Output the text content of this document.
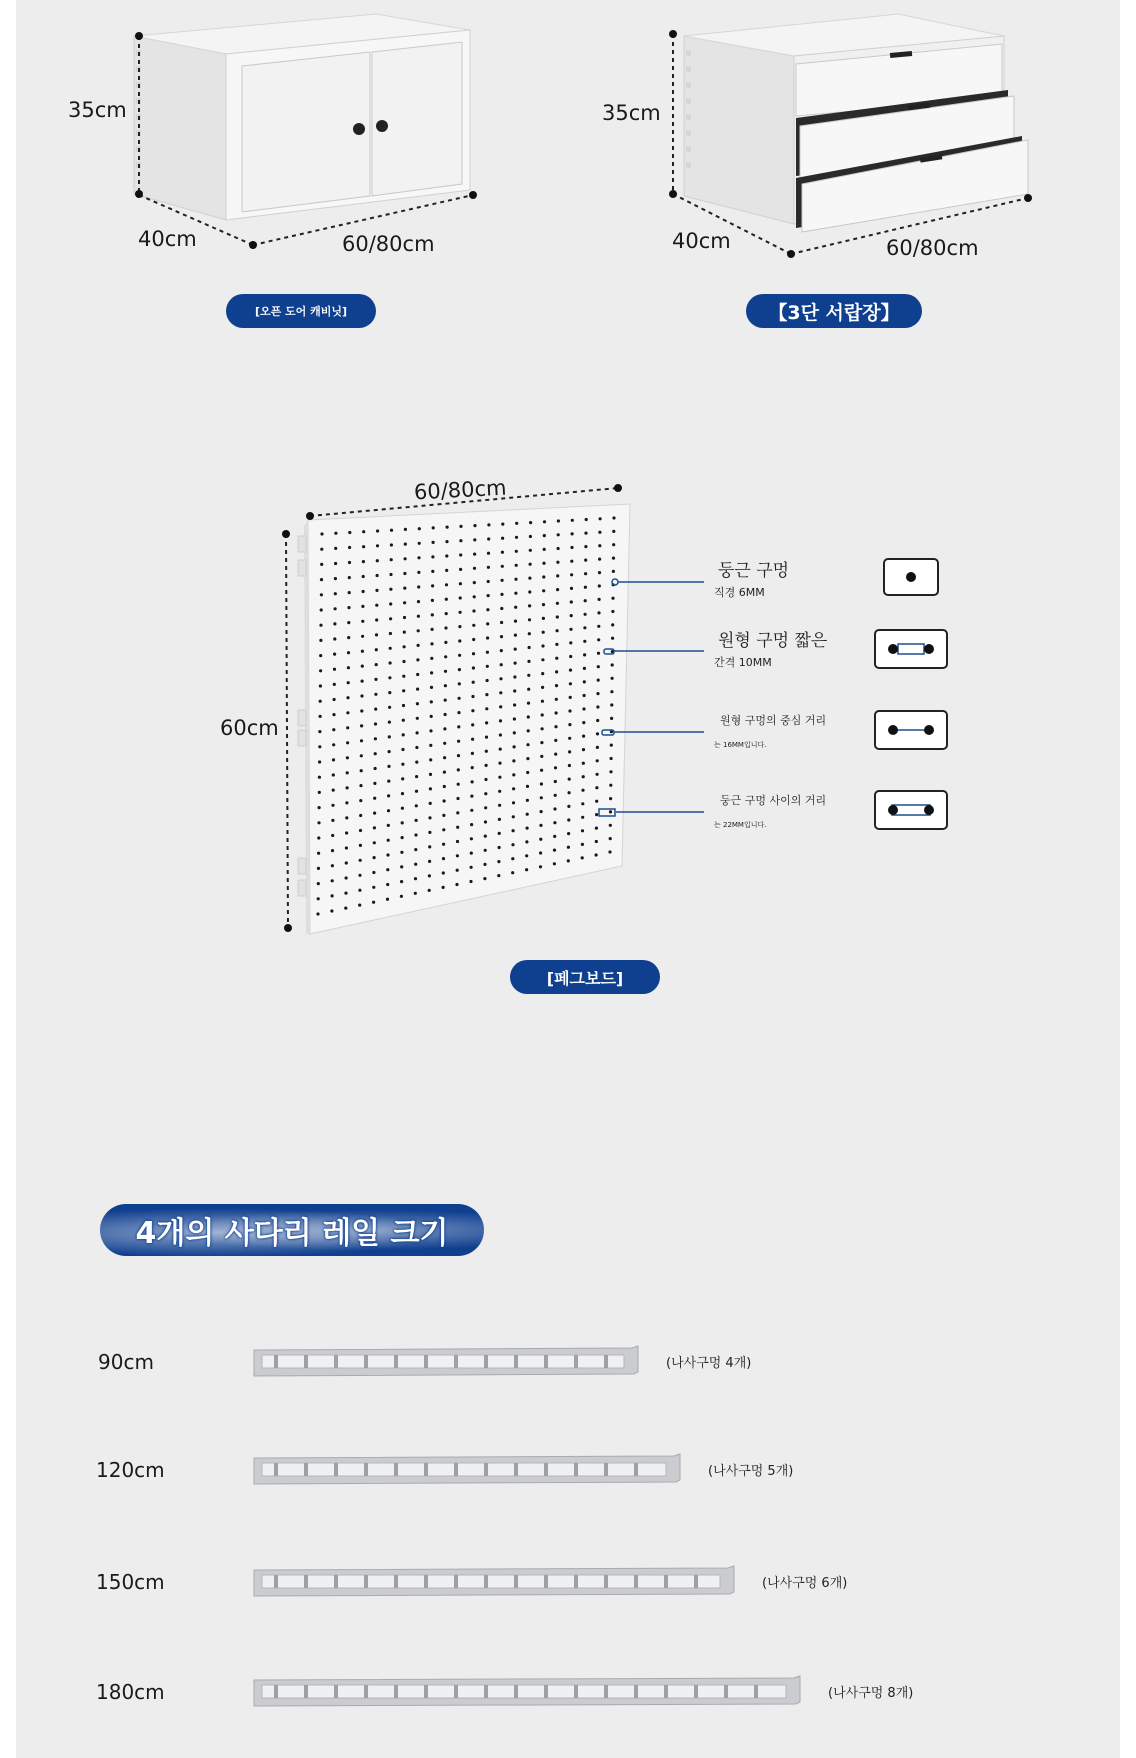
35cm
40cm	60/80cm
[오픈 도어 캐비닛]
35cm
40cm	60/80cm
【3단 서랍장】
60/80cm
60cm
둥근 구멍
직경 6MM
원형 구멍 짧은
간격 10MM
원형 구멍의 중심 거리
는 16MM입니다.
둥근 구멍 사이의 거리
는 22MM입니다.
[페그보드]
4개의 사다리 레일 크기
90cm	(나사구멍 4개)
120cm	(나사구멍 5개)
150cm	(나사구멍 6개)
180cm	(나사구멍 8개)
